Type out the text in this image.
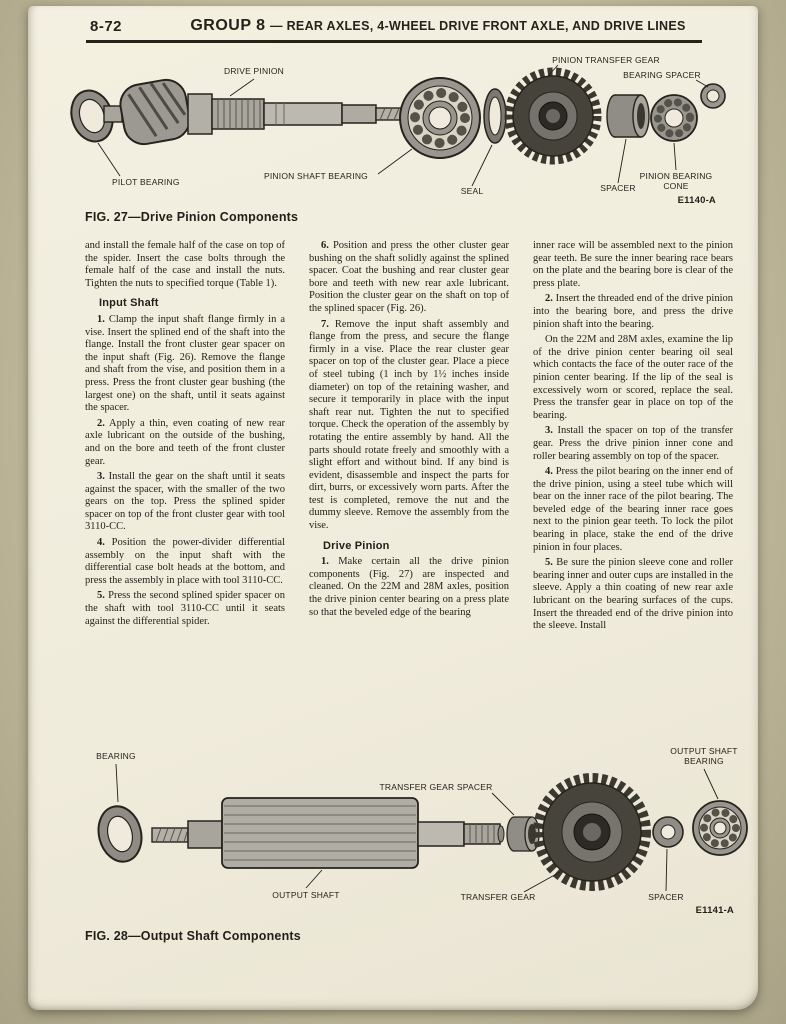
8-72	GROUP 8 — REAR AXLES, 4-WHEEL DRIVE FRONT AXLE, AND DRIVE LINES
DRIVE PINION
PINION TRANSFER GEAR
BEARING SPACER
PILOT BEARING
PINION SHAFT BEARING
SEAL	SPACER
PINION BEARING
CONE
E1140-A
FIG. 27—Drive Pinion Components

and install the female half of the case on top of the spider. Insert the case bolts through the female half of the case and install the nuts. Tighten the nuts to specified torque (Table 1).

Input Shaft

1. Clamp the input shaft flange firmly in a vise. Insert the splined end of the shaft into the flange. Install the front cluster gear spacer on the input shaft (Fig. 26). Remove the flange and shaft from the vise, and position them in a press. Press the front cluster gear bushing (the largest one) on the shaft, until it seats against the spacer.

2. Apply a thin, even coating of new rear axle lubricant on the outside of the bushing, and on the bore and teeth of the front cluster gear.

3. Install the gear on the shaft until it seats against the spacer, with the smaller of the two gears on the top. Press the splined spider spacer on top of the front cluster gear with tool 3110-CC.

4. Position the power-divider differential assembly on the input shaft with the differential case bolt heads at the bottom, and press the assembly in place with tool 3110-CC.

5. Press the second splined spider spacer on the shaft with tool 3110-CC until it seats against the differential spider.

6. Position and press the other cluster gear bushing on the shaft solidly against the splined spacer. Coat the bushing and rear cluster gear bore and teeth with new rear axle lubricant. Position the cluster gear on the shaft on top of the splined spacer (Fig. 26).

7. Remove the input shaft assembly and flange from the press, and secure the flange firmly in a vise. Place the rear cluster gear spacer on top of the cluster gear. Place a piece of steel tubing (1 inch by 1½ inches inside diameter) on top of the retaining washer, and secure it temporarily in place with the input shaft rear nut. Tighten the nut to specified torque. Check the operation of the assembly by rotating the entire assembly by hand. All the parts should rotate freely and smoothly with a slight effort and without bind. If any bind is evident, disassemble and inspect the parts for dirt, burrs, or excessively worn parts. After the test is completed, remove the nut and the dummy sleeve. Remove the assembly from the vise.

Drive Pinion

1. Make certain all the drive pinion components (Fig. 27) are inspected and cleaned. On the 22M and 28M axles, position the drive pinion center bearing on a press plate so that the beveled edge of the bearing

inner race will be assembled next to the pinion gear teeth. Be sure the inner bearing race bears on the plate and the bearing bore is clear of the press plate.

2. Insert the threaded end of the drive pinion into the bearing bore, and press the drive pinion shaft into the bearing.

On the 22M and 28M axles, examine the lip of the drive pinion center bearing oil seal which contacts the face of the outer race of the pinion center bearing. If the lip of the seal is excessively worn or scored, replace the seal. Press the transfer gear in place on top of the bearing.

3. Install the spacer on top of the transfer gear. Press the drive pinion inner cone and roller bearing assembly on top of the spacer.

4. Press the pilot bearing on the inner end of the drive pinion, using a steel tube which will bear on the inner race of the pilot bearing. The beveled edge of the bearing inner race goes next to the pinion gear teeth. To lock the pilot bearing in place, stake the end of the drive pinion in four places.

5. Be sure the pinion sleeve cone and roller bearing inner and outer cups are installed in the sleeve. Apply a thin coating of new rear axle lubricant on the bearing surfaces of the cups. Insert the threaded end of the drive pinion into the sleeve. Install

BEARING
TRANSFER GEAR SPACER
OUTPUT SHAFT
BEARING
OUTPUT SHAFT	TRANSFER GEAR	SPACER
E1141-A
FIG. 28—Output Shaft Components
